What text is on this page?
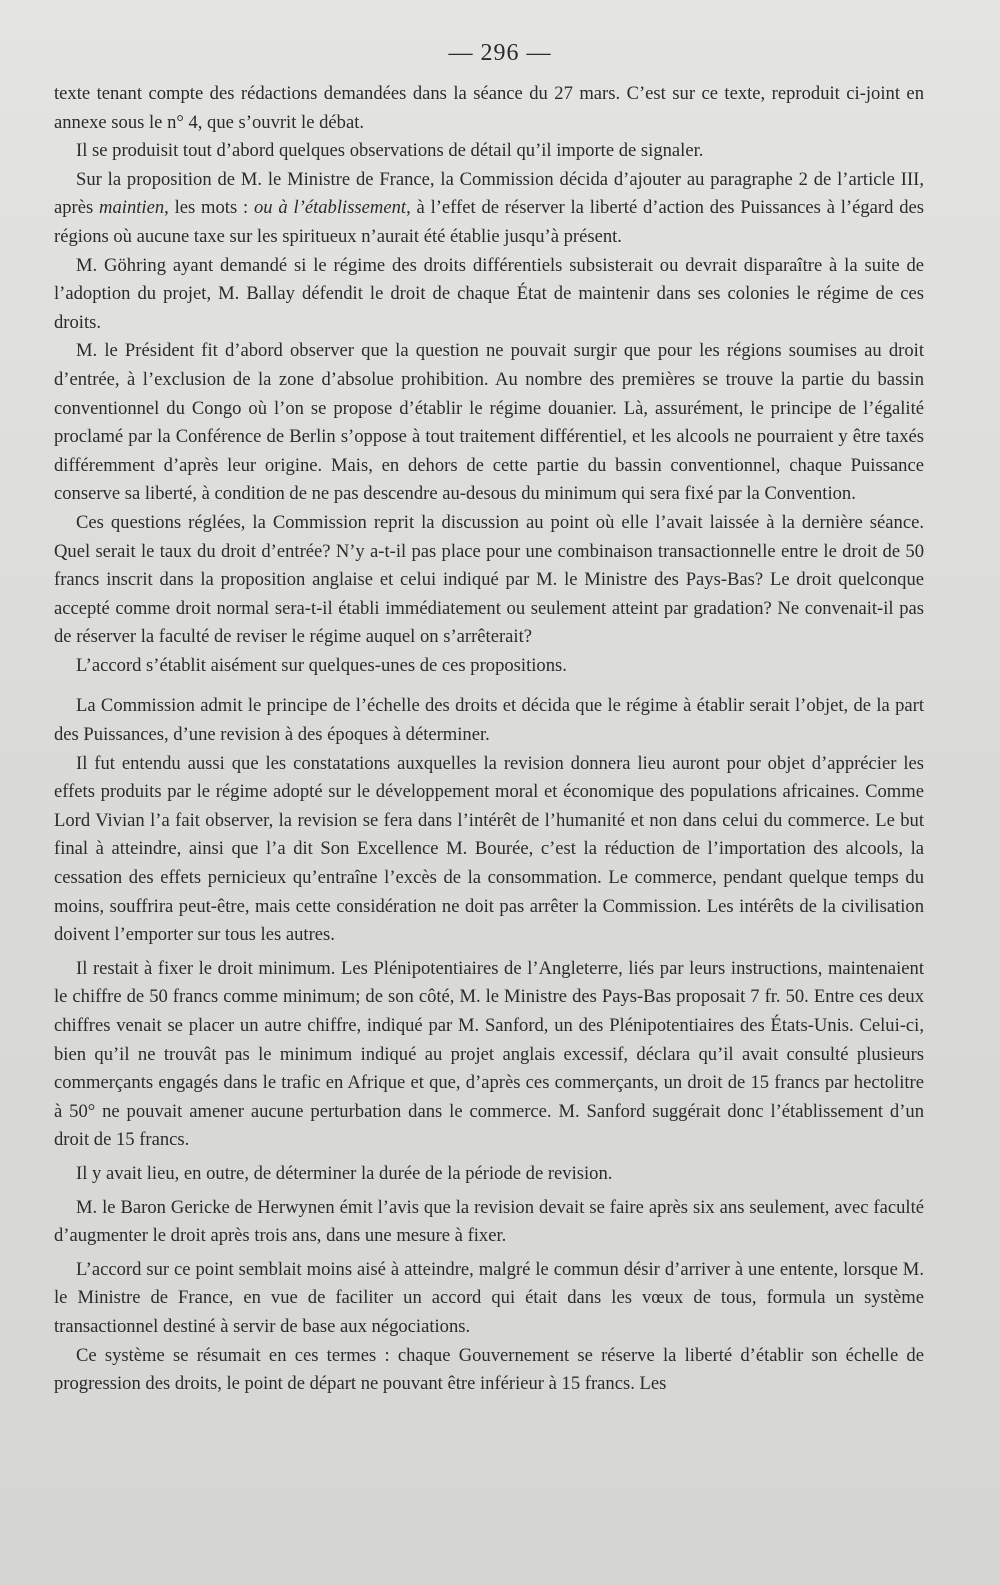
— 296 —

texte tenant compte des rédactions demandées dans la séance du 27 mars. C’est sur ce texte, reproduit ci-joint en annexe sous le n° 4, que s’ouvrit le débat.

Il se produisit tout d’abord quelques observations de détail qu’il importe de signaler.

Sur la proposition de M. le Ministre de France, la Commission décida d’ajouter au paragraphe 2 de l’article III, après maintien, les mots : ou à l’établissement, à l’effet de réserver la liberté d’action des Puissances à l’égard des régions où aucune taxe sur les spiritueux n’aurait été établie jusqu’à présent.

M. Göhring ayant demandé si le régime des droits différentiels subsisterait ou devrait disparaître à la suite de l’adoption du projet, M. Ballay défendit le droit de chaque État de maintenir dans ses colonies le régime de ces droits.

M. le Président fit d’abord observer que la question ne pouvait surgir que pour les régions soumises au droit d’entrée, à l’exclusion de la zone d’absolue prohibition. Au nombre des premières se trouve la partie du bassin conventionnel du Congo où l’on se propose d’établir le régime douanier. Là, assurément, le principe de l’égalité proclamé par la Conférence de Berlin s’oppose à tout traitement différentiel, et les alcools ne pourraient y être taxés différemment d’après leur origine. Mais, en dehors de cette partie du bassin conventionnel, chaque Puissance conserve sa liberté, à condition de ne pas descendre au-desous du minimum qui sera fixé par la Convention.

Ces questions réglées, la Commission reprit la discussion au point où elle l’avait laissée à la dernière séance. Quel serait le taux du droit d’entrée? N’y a-t-il pas place pour une combinaison transactionnelle entre le droit de 50 francs inscrit dans la proposition anglaise et celui indiqué par M. le Ministre des Pays-Bas? Le droit quelconque accepté comme droit normal sera-t-il établi immédiatement ou seulement atteint par gradation? Ne convenait-il pas de réserver la faculté de reviser le régime auquel on s’arrêterait?

L’accord s’établit aisément sur quelques-unes de ces propositions.

La Commission admit le principe de l’échelle des droits et décida que le régime à établir serait l’objet, de la part des Puissances, d’une revision à des époques à déterminer.

Il fut entendu aussi que les constatations auxquelles la revision donnera lieu auront pour objet d’apprécier les effets produits par le régime adopté sur le développement moral et économique des populations africaines. Comme Lord Vivian l’a fait observer, la revision se fera dans l’intérêt de l’humanité et non dans celui du commerce. Le but final à atteindre, ainsi que l’a dit Son Excellence M. Bourée, c’est la réduction de l’importation des alcools, la cessation des effets pernicieux qu’entraîne l’excès de la consommation. Le commerce, pendant quelque temps du moins, souffrira peut-être, mais cette considération ne doit pas arrêter la Commission. Les intérêts de la civilisation doivent l’emporter sur tous les autres.

Il restait à fixer le droit minimum. Les Plénipotentiaires de l’Angleterre, liés par leurs instructions, maintenaient le chiffre de 50 francs comme minimum; de son côté, M. le Ministre des Pays-Bas proposait 7 fr. 50. Entre ces deux chiffres venait se placer un autre chiffre, indiqué par M. Sanford, un des Plénipotentiaires des États-Unis. Celui-ci, bien qu’il ne trouvât pas le minimum indiqué au projet anglais excessif, déclara qu’il avait consulté plusieurs commerçants engagés dans le trafic en Afrique et que, d’après ces commerçants, un droit de 15 francs par hectolitre à 50° ne pouvait amener aucune perturbation dans le commerce. M. Sanford suggérait donc l’établissement d’un droit de 15 francs.

Il y avait lieu, en outre, de déterminer la durée de la période de revision.

M. le Baron Gericke de Herwynen émit l’avis que la revision devait se faire après six ans seulement, avec faculté d’augmenter le droit après trois ans, dans une mesure à fixer.

L’accord sur ce point semblait moins aisé à atteindre, malgré le commun désir d’arriver à une entente, lorsque M. le Ministre de France, en vue de faciliter un accord qui était dans les vœux de tous, formula un système transactionnel destiné à servir de base aux négociations.

Ce système se résumait en ces termes : chaque Gouvernement se réserve la liberté d’établir son échelle de progression des droits, le point de départ ne pouvant être inférieur à 15 francs. Les
